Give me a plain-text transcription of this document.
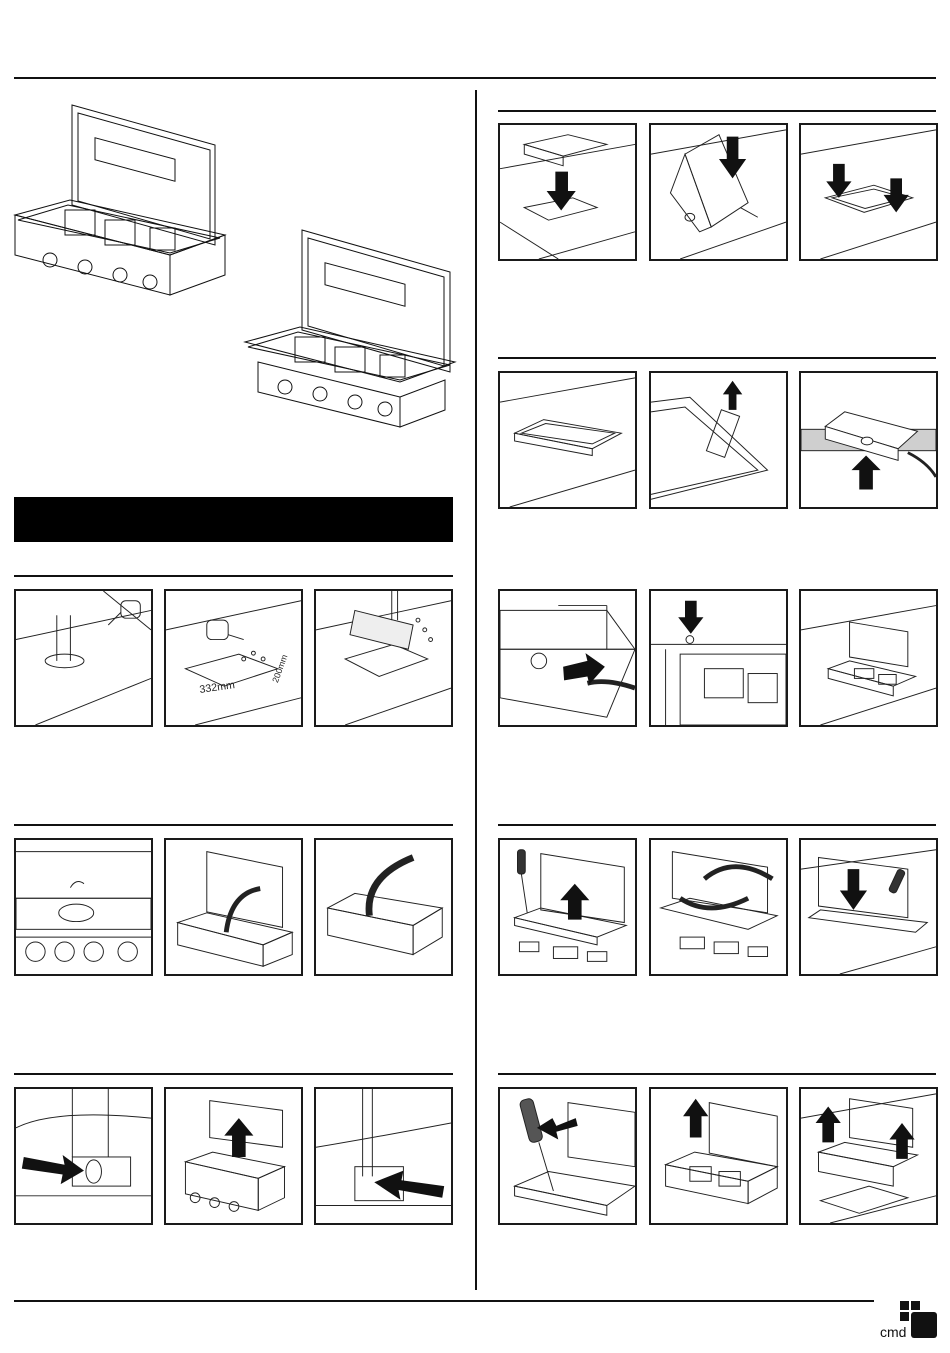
332mm
200mm
cmd
